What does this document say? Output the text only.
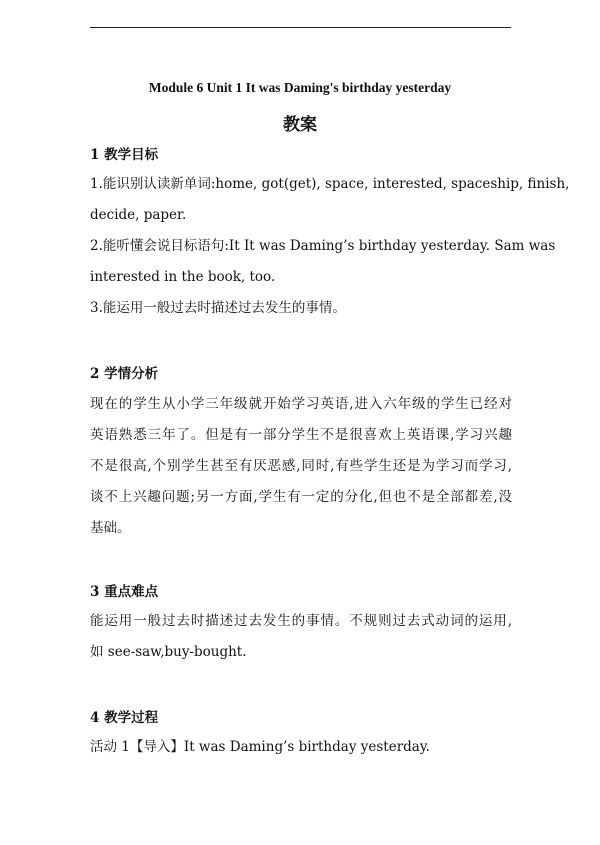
Module 6 Unit 1 It was Daming's birthday yesterday
教案
1 教学目标
1.能识别认读新单词:home, got(get), space, interested, spaceship, finish,
decide, paper.
2.能听懂会说目标语句:It It was Daming’s birthday yesterday. Sam was
interested in the book, too.
3.能运用一般过去时描述过去发生的事情。
2 学情分析
现在的学生从小学三年级就开始学习英语,进入六年级的学生已经对
英语熟悉三年了。但是有一部分学生不是很喜欢上英语课,学习兴趣
不是很高,个别学生甚至有厌恶感,同时,有些学生还是为学习而学习,
谈不上兴趣问题;另一方面,学生有一定的分化,但也不是全部都差,没
基础。
3 重点难点
能运用一般过去时描述过去发生的事情。不规则过去式动词的运用,
如 see-saw,buy-bought.
4 教学过程
活动 1【导入】It was Daming’s birthday yesterday.
